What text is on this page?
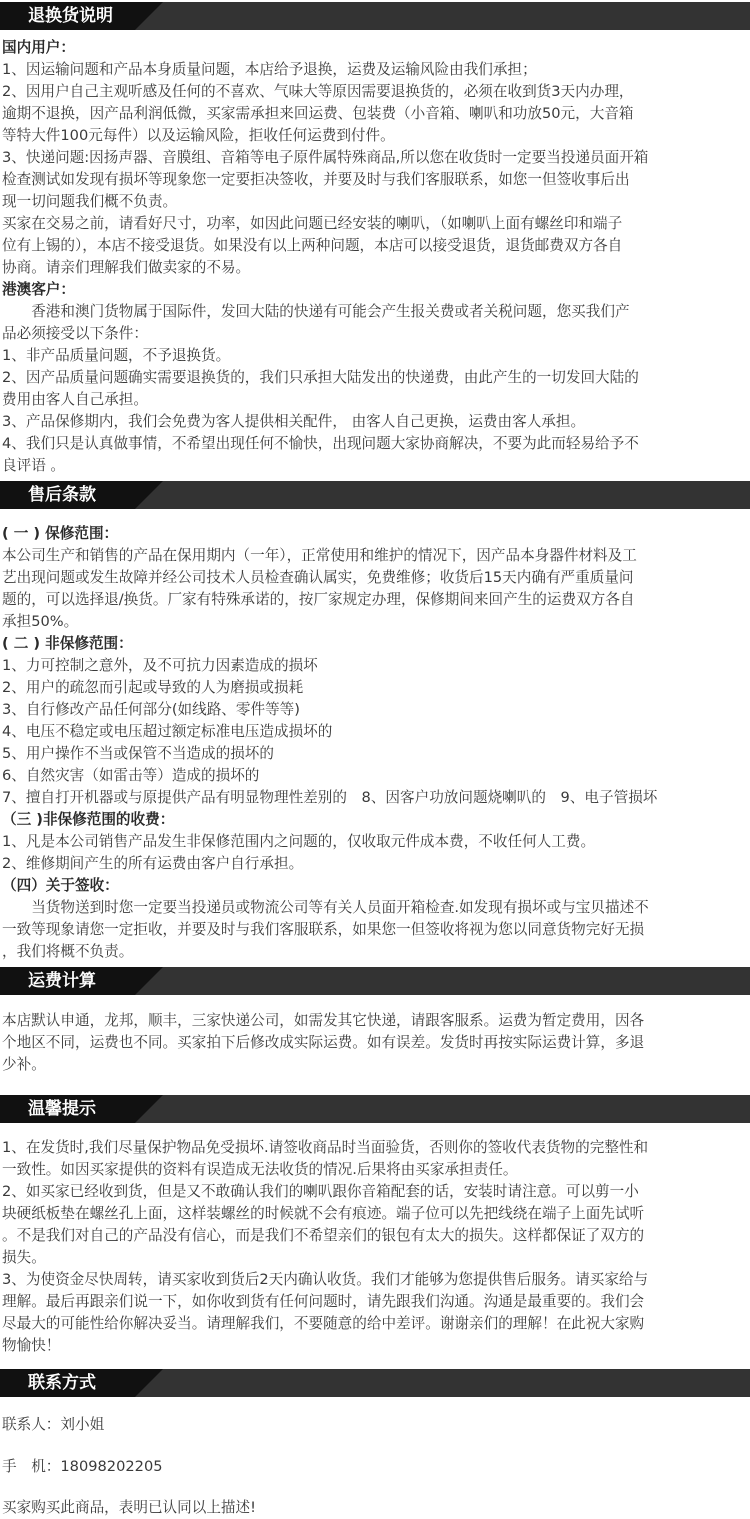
退换货说明
国内用户：
1、因运输问题和产品本身质量问题，本店给予退换，运费及运输风险由我们承担；
2、因用户自己主观听感及任何的不喜欢、气味大等原因需要退换货的，必须在收到货3天内办理，
逾期不退换，因产品利润低微，买家需承担来回运费、包装费（小音箱、喇叭和功放50元，大音箱
等特大件100元每件）以及运输风险，拒收任何运费到付件。
3、快递问题:因扬声器、音膜组、音箱等电子原件属特殊商品,所以您在收货时一定要当投递员面开箱
检查测试如发现有损坏等现象您一定要拒决签收，并要及时与我们客服联系，如您一但签收事后出
现一切问题我们概不负责。
买家在交易之前，请看好尺寸，功率，如因此问题已经安装的喇叭，（如喇叭上面有螺丝印和端子
位有上锡的），本店不接受退货。如果没有以上两种问题，本店可以接受退货，退货邮费双方各自
协商。请亲们理解我们做卖家的不易。
港澳客户：
　　香港和澳门货物属于国际件，发回大陆的快递有可能会产生报关费或者关税问题，您买我们产
品必须接受以下条件：
1、非产品质量问题，不予退换货。
2、因产品质量问题确实需要退换货的，我们只承担大陆发出的快递费，由此产生的一切发回大陆的
费用由客人自己承担。
3、产品保修期内，我们会免费为客人提供相关配件， 由客人自己更换，运费由客人承担。
4、我们只是认真做事情，不希望出现任何不愉快，出现问题大家协商解决，不要为此而轻易给予不
良评语 。
售后条款
( 一 ) 保修范围：
本公司生产和销售的产品在保用期内（一年），正常使用和维护的情况下，因产品本身器件材料及工
艺出现问题或发生故障并经公司技术人员检查确认属实，免费维修；收货后15天内确有严重质量问
题的，可以选择退/换货。厂家有特殊承诺的，按厂家规定办理，保修期间来回产生的运费双方各自
承担50%。
( 二 ) 非保修范围：
1、力可控制之意外，及不可抗力因素造成的损坏
2、用户的疏忽而引起或导致的人为磨损或损耗
3、自行修改产品任何部分(如线路、零件等等)
4、电压不稳定或电压超过额定标准电压造成损坏的
5、用户操作不当或保管不当造成的损坏的
6、自然灾害（如雷击等）造成的损坏的
7、擅自打开机器或与原提供产品有明显物理性差别的　8、因客户功放问题烧喇叭的　9、电子管损坏
（三 )非保修范围的收费：
1、凡是本公司销售产品发生非保修范围内之问题的，仅收取元件成本费，不收任何人工费。
2、维修期间产生的所有运费由客户自行承担。
（四）关于签收：
　　当货物送到时您一定要当投递员或物流公司等有关人员面开箱检查.如发现有损坏或与宝贝描述不
一致等现象请您一定拒收，并要及时与我们客服联系，如果您一但签收将视为您以同意货物完好无损
，我们将概不负责。
运费计算
本店默认申通，龙邦，顺丰，三家快递公司，如需发其它快递，请跟客服系。运费为暂定费用，因各
个地区不同，运费也不同。买家拍下后修改成实际运费。如有误差。发货时再按实际运费计算，多退
少补。
温馨提示
1、在发货时,我们尽量保护物品免受损坏.请签收商品时当面验货，否则你的签收代表货物的完整性和
一致性。如因买家提供的资料有误造成无法收货的情况.后果将由买家承担责任。
2、如买家已经收到货，但是又不敢确认我们的喇叭跟你音箱配套的话，安装时请注意。可以剪一小
块硬纸板垫在螺丝孔上面，这样装螺丝的时候就不会有痕迹。端子位可以先把线绕在端子上面先试听
。不是我们对自己的产品没有信心，而是我们不希望亲们的银包有太大的损失。这样都保证了双方的
损失。
3、为使资金尽快周转，请买家收到货后2天内确认收货。我们才能够为您提供售后服务。请买家给与
理解。最后再跟亲们说一下，如你收到货有任何问题时，请先跟我们沟通。沟通是最重要的。我们会
尽最大的可能性给你解决妥当。请理解我们，不要随意的给中差评。谢谢亲们的理解！在此祝大家购
物愉快！
联系方式
联系人：刘小姐
手　机：18098202205
买家购买此商品，表明已认同以上描述!
